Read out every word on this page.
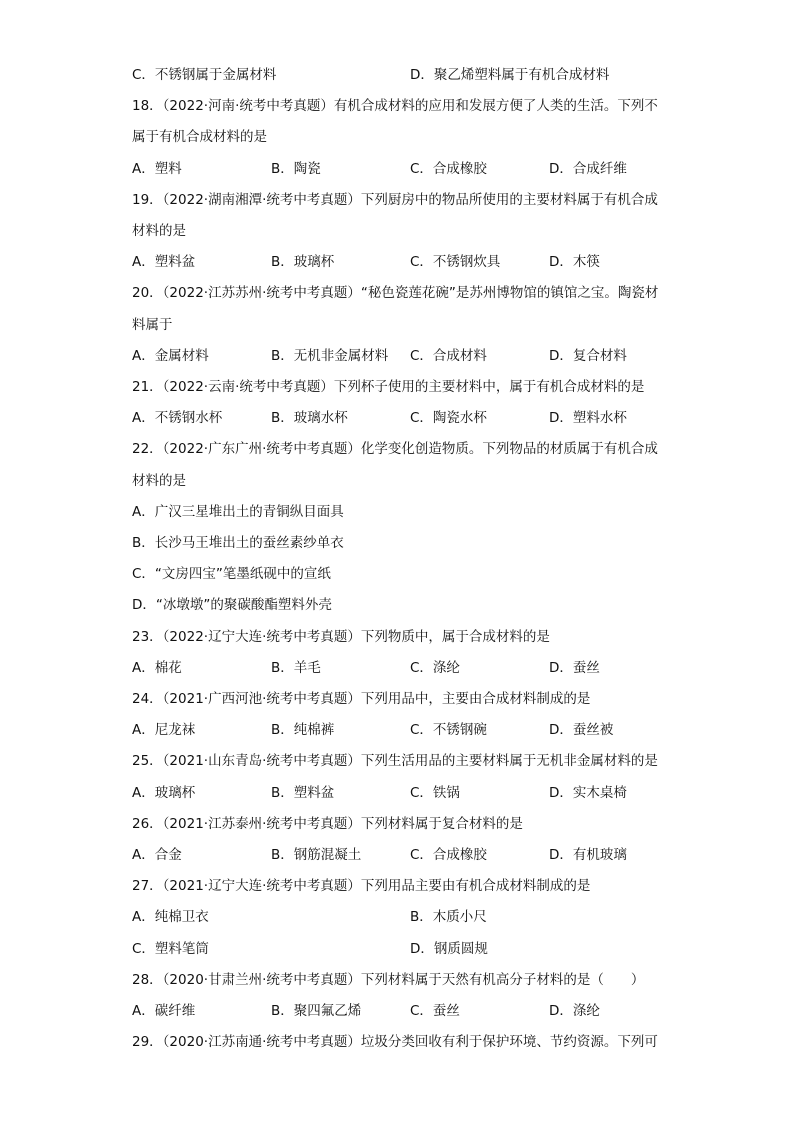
C．不锈钢属于金属材料	D．聚乙烯塑料属于有机合成材料
18．（2022·河南·统考中考真题）有机合成材料的应用和发展方便了人类的生活。下列不
属于有机合成材料的是
A．塑料	B．陶瓷	C．合成橡胶	D．合成纤维
19．（2022·湖南湘潭·统考中考真题）下列厨房中的物品所使用的主要材料属于有机合成
材料的是
A．塑料盆	B．玻璃杯	C．不锈钢炊具	D．木筷
20．（2022·江苏苏州·统考中考真题）“秘色瓷莲花碗”是苏州博物馆的镇馆之宝。陶瓷材
料属于
A．金属材料	B．无机非金属材料 C．合成材料	D．复合材料
21．（2022·云南·统考中考真题）下列杯子使用的主要材料中，属于有机合成材料的是
A．不锈钢水杯	B．玻璃水杯	C．陶瓷水杯	D．塑料水杯
22．（2022·广东广州·统考中考真题）化学变化创造物质。下列物品的材质属于有机合成
材料的是
A．广汉三星堆出土的青铜纵目面具
B．长沙马王堆出土的蚕丝素纱单衣
C．“文房四宝”笔墨纸砚中的宣纸
D．“冰墩墩”的聚碳酸酯塑料外壳
23．（2022·辽宁大连·统考中考真题）下列物质中，属于合成材料的是
A．棉花	B．羊毛	C．涤纶	D．蚕丝
24．（2021·广西河池·统考中考真题）下列用品中，主要由合成材料制成的是
A．尼龙袜	B．纯棉裤	C．不锈钢碗	D．蚕丝被
25．（2021·山东青岛·统考中考真题）下列生活用品的主要材料属于无机非金属材料的是
A．玻璃杯	B．塑料盆	C．铁锅	D．实木桌椅
26．（2021·江苏泰州·统考中考真题）下列材料属于复合材料的是
A．合金	B．钢筋混凝土	C．合成橡胶	D．有机玻璃
27．（2021·辽宁大连·统考中考真题）下列用品主要由有机合成材料制成的是
A．纯棉卫衣	B．木质小尺
C．塑料笔筒	D．钢质圆规
28．（2020·甘肃兰州·统考中考真题）下列材料属于天然有机高分子材料的是（　　）
A．碳纤维	B．聚四氟乙烯	C．蚕丝	D．涤纶
29．（2020·江苏南通·统考中考真题）垃圾分类回收有利于保护环境、节约资源。下列可
